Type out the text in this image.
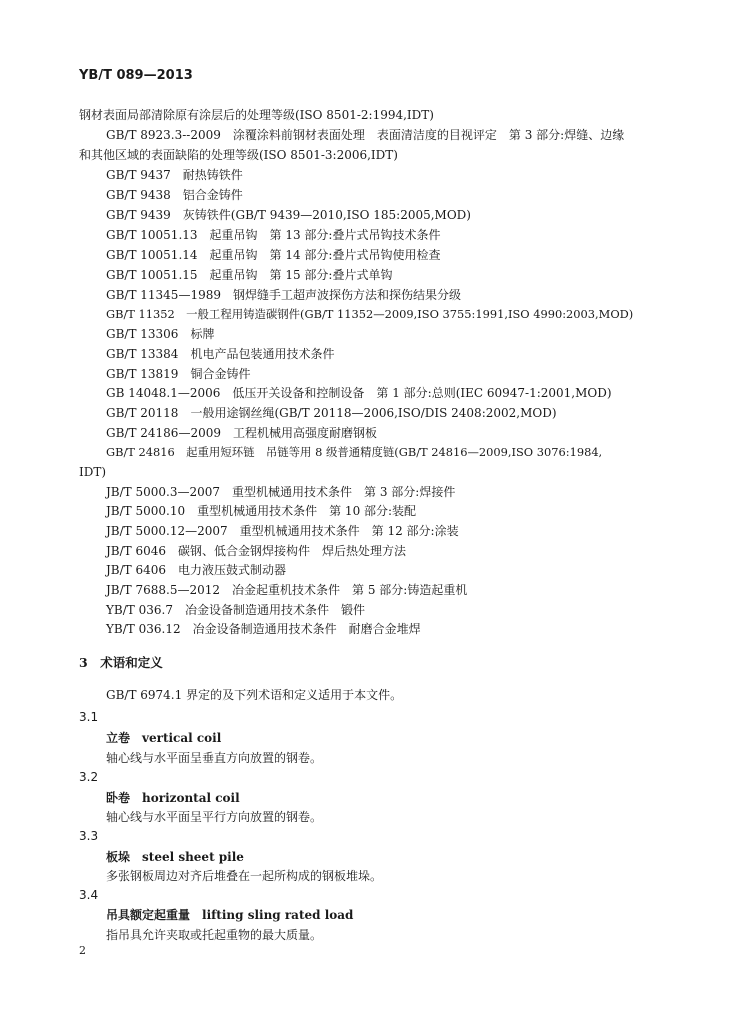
YB/T 089—2013
钢材表面局部清除原有涂层后的处理等级(ISO 8501-2:1994,IDT)
GB/T 8923.3--2009　涂覆涂料前钢材表面处理　表面清洁度的目视评定　第 3 部分:焊缝、边缘
和其他区域的表面缺陷的处理等级(ISO 8501-3:2006,IDT)
GB/T 9437　耐热铸铁件
GB/T 9438　铝合金铸件
GB/T 9439　灰铸铁件(GB/T 9439—2010,ISO 185:2005,MOD)
GB/T 10051.13　起重吊钩　第 13 部分:叠片式吊钩技术条件
GB/T 10051.14　起重吊钩　第 14 部分:叠片式吊钩使用检查
GB/T 10051.15　起重吊钩　第 15 部分:叠片式单钩
GB/T 11345—1989　钢焊缝手工超声波探伤方法和探伤结果分级
GB/T 11352　一般工程用铸造碳钢件(GB/T 11352—2009,ISO 3755:1991,ISO 4990:2003,MOD)
GB/T 13306　标牌
GB/T 13384　机电产品包装通用技术条件
GB/T 13819　铜合金铸件
GB 14048.1—2006　低压开关设备和控制设备　第 1 部分:总则(IEC 60947-1:2001,MOD)
GB/T 20118　一般用途钢丝绳(GB/T 20118—2006,ISO/DIS 2408:2002,MOD)
GB/T 24186—2009　工程机械用高强度耐磨钢板
GB/T 24816　起重用短环链　吊链等用 8 级普通精度链(GB/T 24816—2009,ISO 3076:1984,
IDT)
JB/T 5000.3—2007　重型机械通用技术条件　第 3 部分:焊接件
JB/T 5000.10　重型机械通用技术条件　第 10 部分:装配
JB/T 5000.12—2007　重型机械通用技术条件　第 12 部分:涂装
JB/T 6046　碳钢、低合金钢焊接构件　焊后热处理方法
JB/T 6406　电力液压鼓式制动器
JB/T 7688.5—2012　冶金起重机技术条件　第 5 部分:铸造起重机
YB/T 036.7　冶金设备制造通用技术条件　锻件
YB/T 036.12　冶金设备制造通用技术条件　耐磨合金堆焊
3　术语和定义
GB/T 6974.1 界定的及下列术语和定义适用于本文件。
3.1
立卷 vertical coil
轴心线与水平面呈垂直方向放置的钢卷。
3.2
卧卷 horizontal coil
轴心线与水平面呈平行方向放置的钢卷。
3.3
板垛 steel sheet pile
多张钢板周边对齐后堆叠在一起所构成的钢板堆垛。
3.4
吊具额定起重量 lifting sling rated load
指吊具允许夹取或托起重物的最大质量。
2
